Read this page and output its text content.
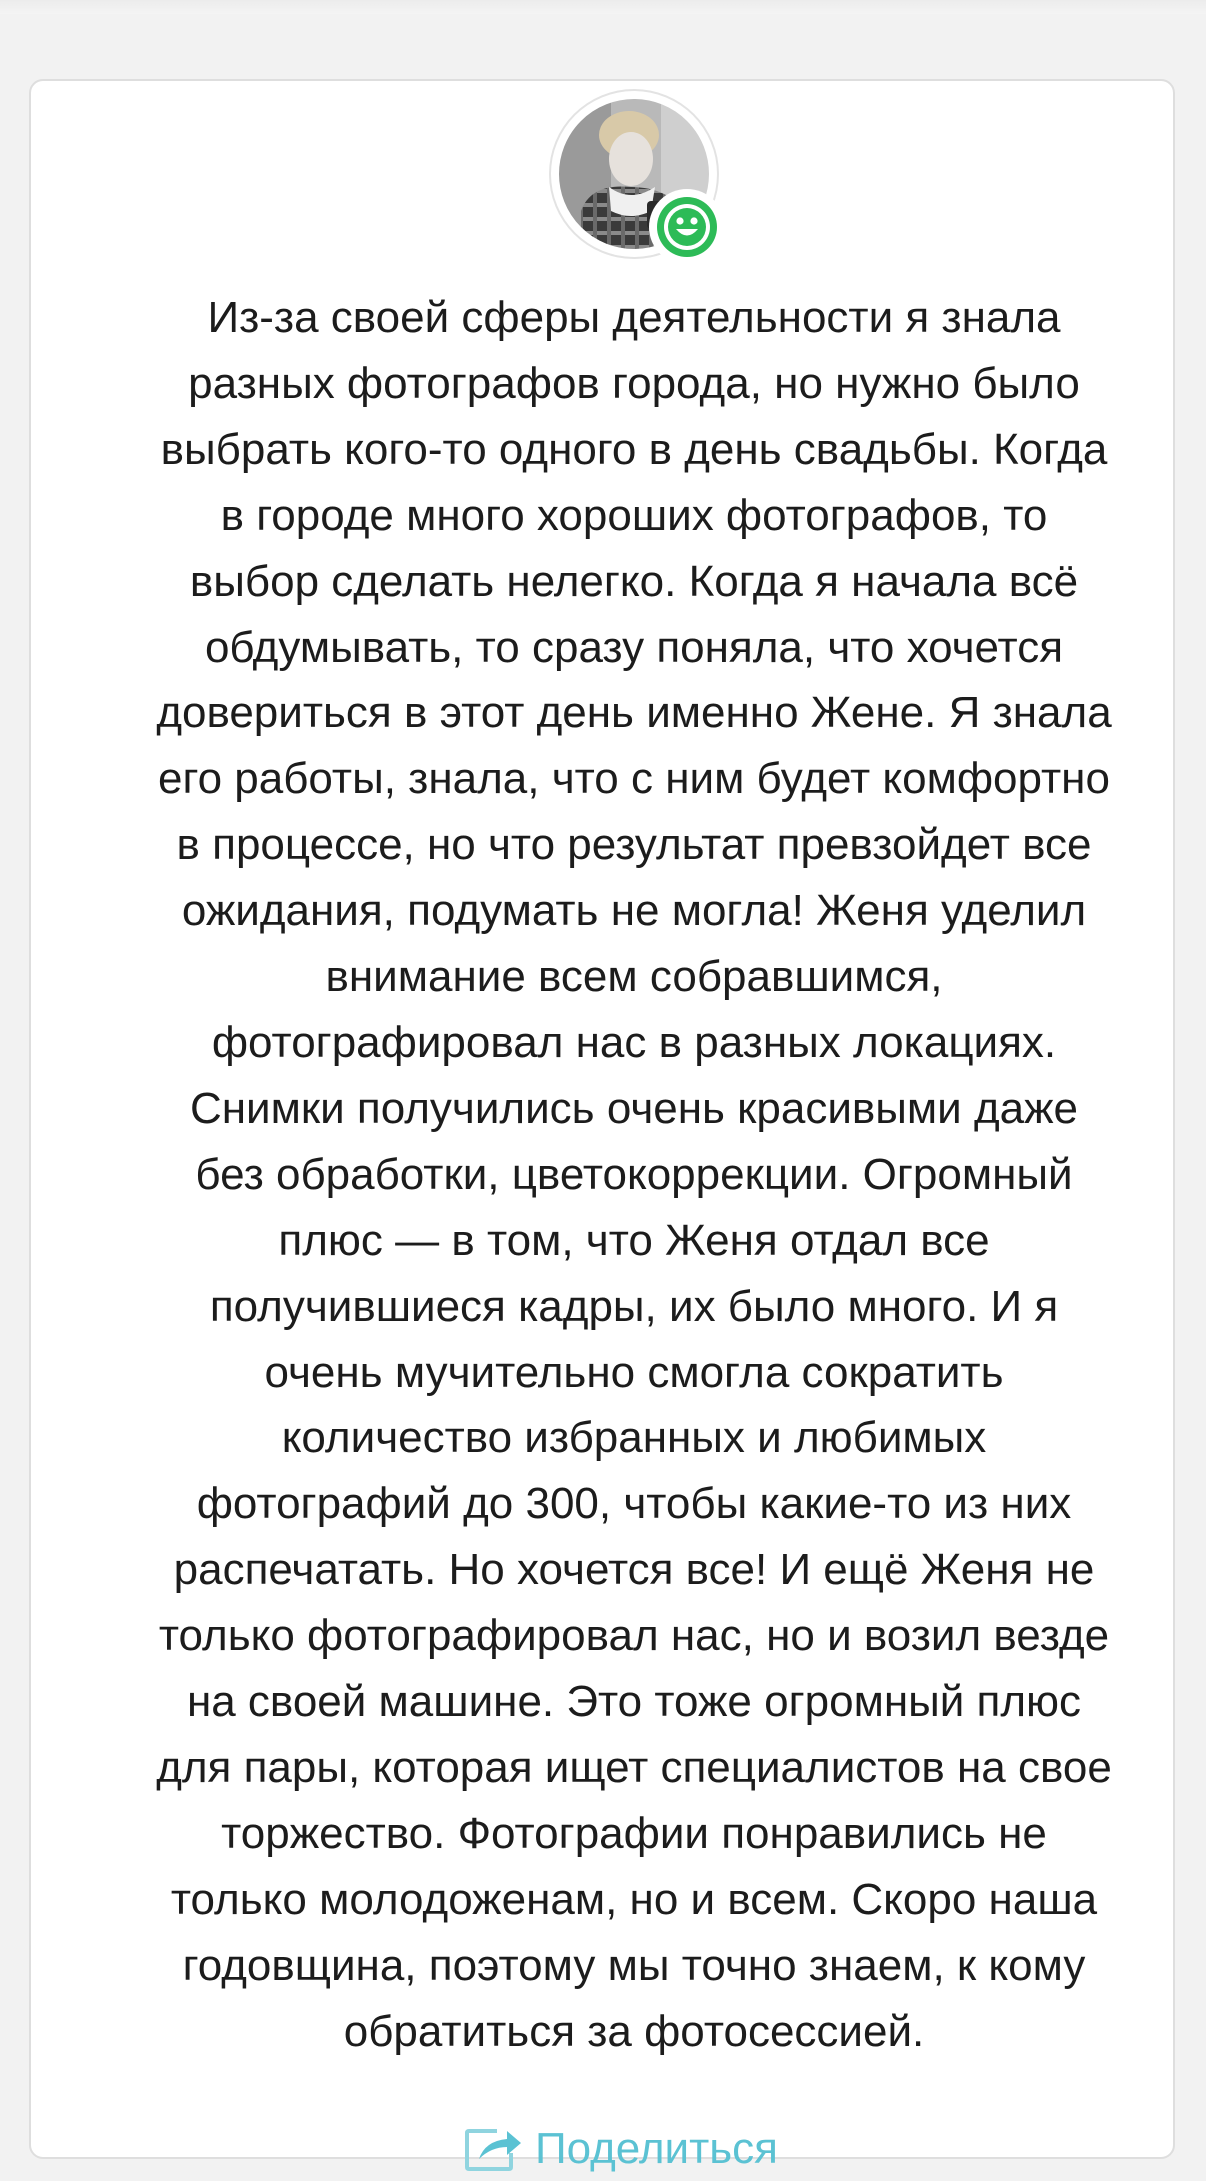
Из-за своей сферы деятельности я знала
разных фотографов города, но нужно было
выбрать кого-то одного в день свадьбы. Когда
в городе много хороших фотографов, то
выбор сделать нелегко. Когда я начала всё
обдумывать, то сразу поняла, что хочется
довериться в этот день именно Жене. Я знала
его работы, знала, что с ним будет комфортно
в процессе, но что результат превзойдет все
ожидания, подумать не могла! Женя уделил
внимание всем собравшимся,
фотографировал нас в разных локациях.
Снимки получились очень красивыми даже
без обработки, цветокоррекции. Огромный
плюс — в том, что Женя отдал все
получившиеся кадры, их было много. И я
очень мучительно смогла сократить
количество избранных и любимых
фотографий до 300, чтобы какие-то из них
распечатать. Но хочется все! И ещё Женя не
только фотографировал нас, но и возил везде
на своей машине. Это тоже огромный плюс
для пары, которая ищет специалистов на свое
торжество. Фотографии понравились не
только молодоженам, но и всем. Скоро наша
годовщина, поэтому мы точно знаем, к кому
обратиться за фотосессией.

Поделиться
